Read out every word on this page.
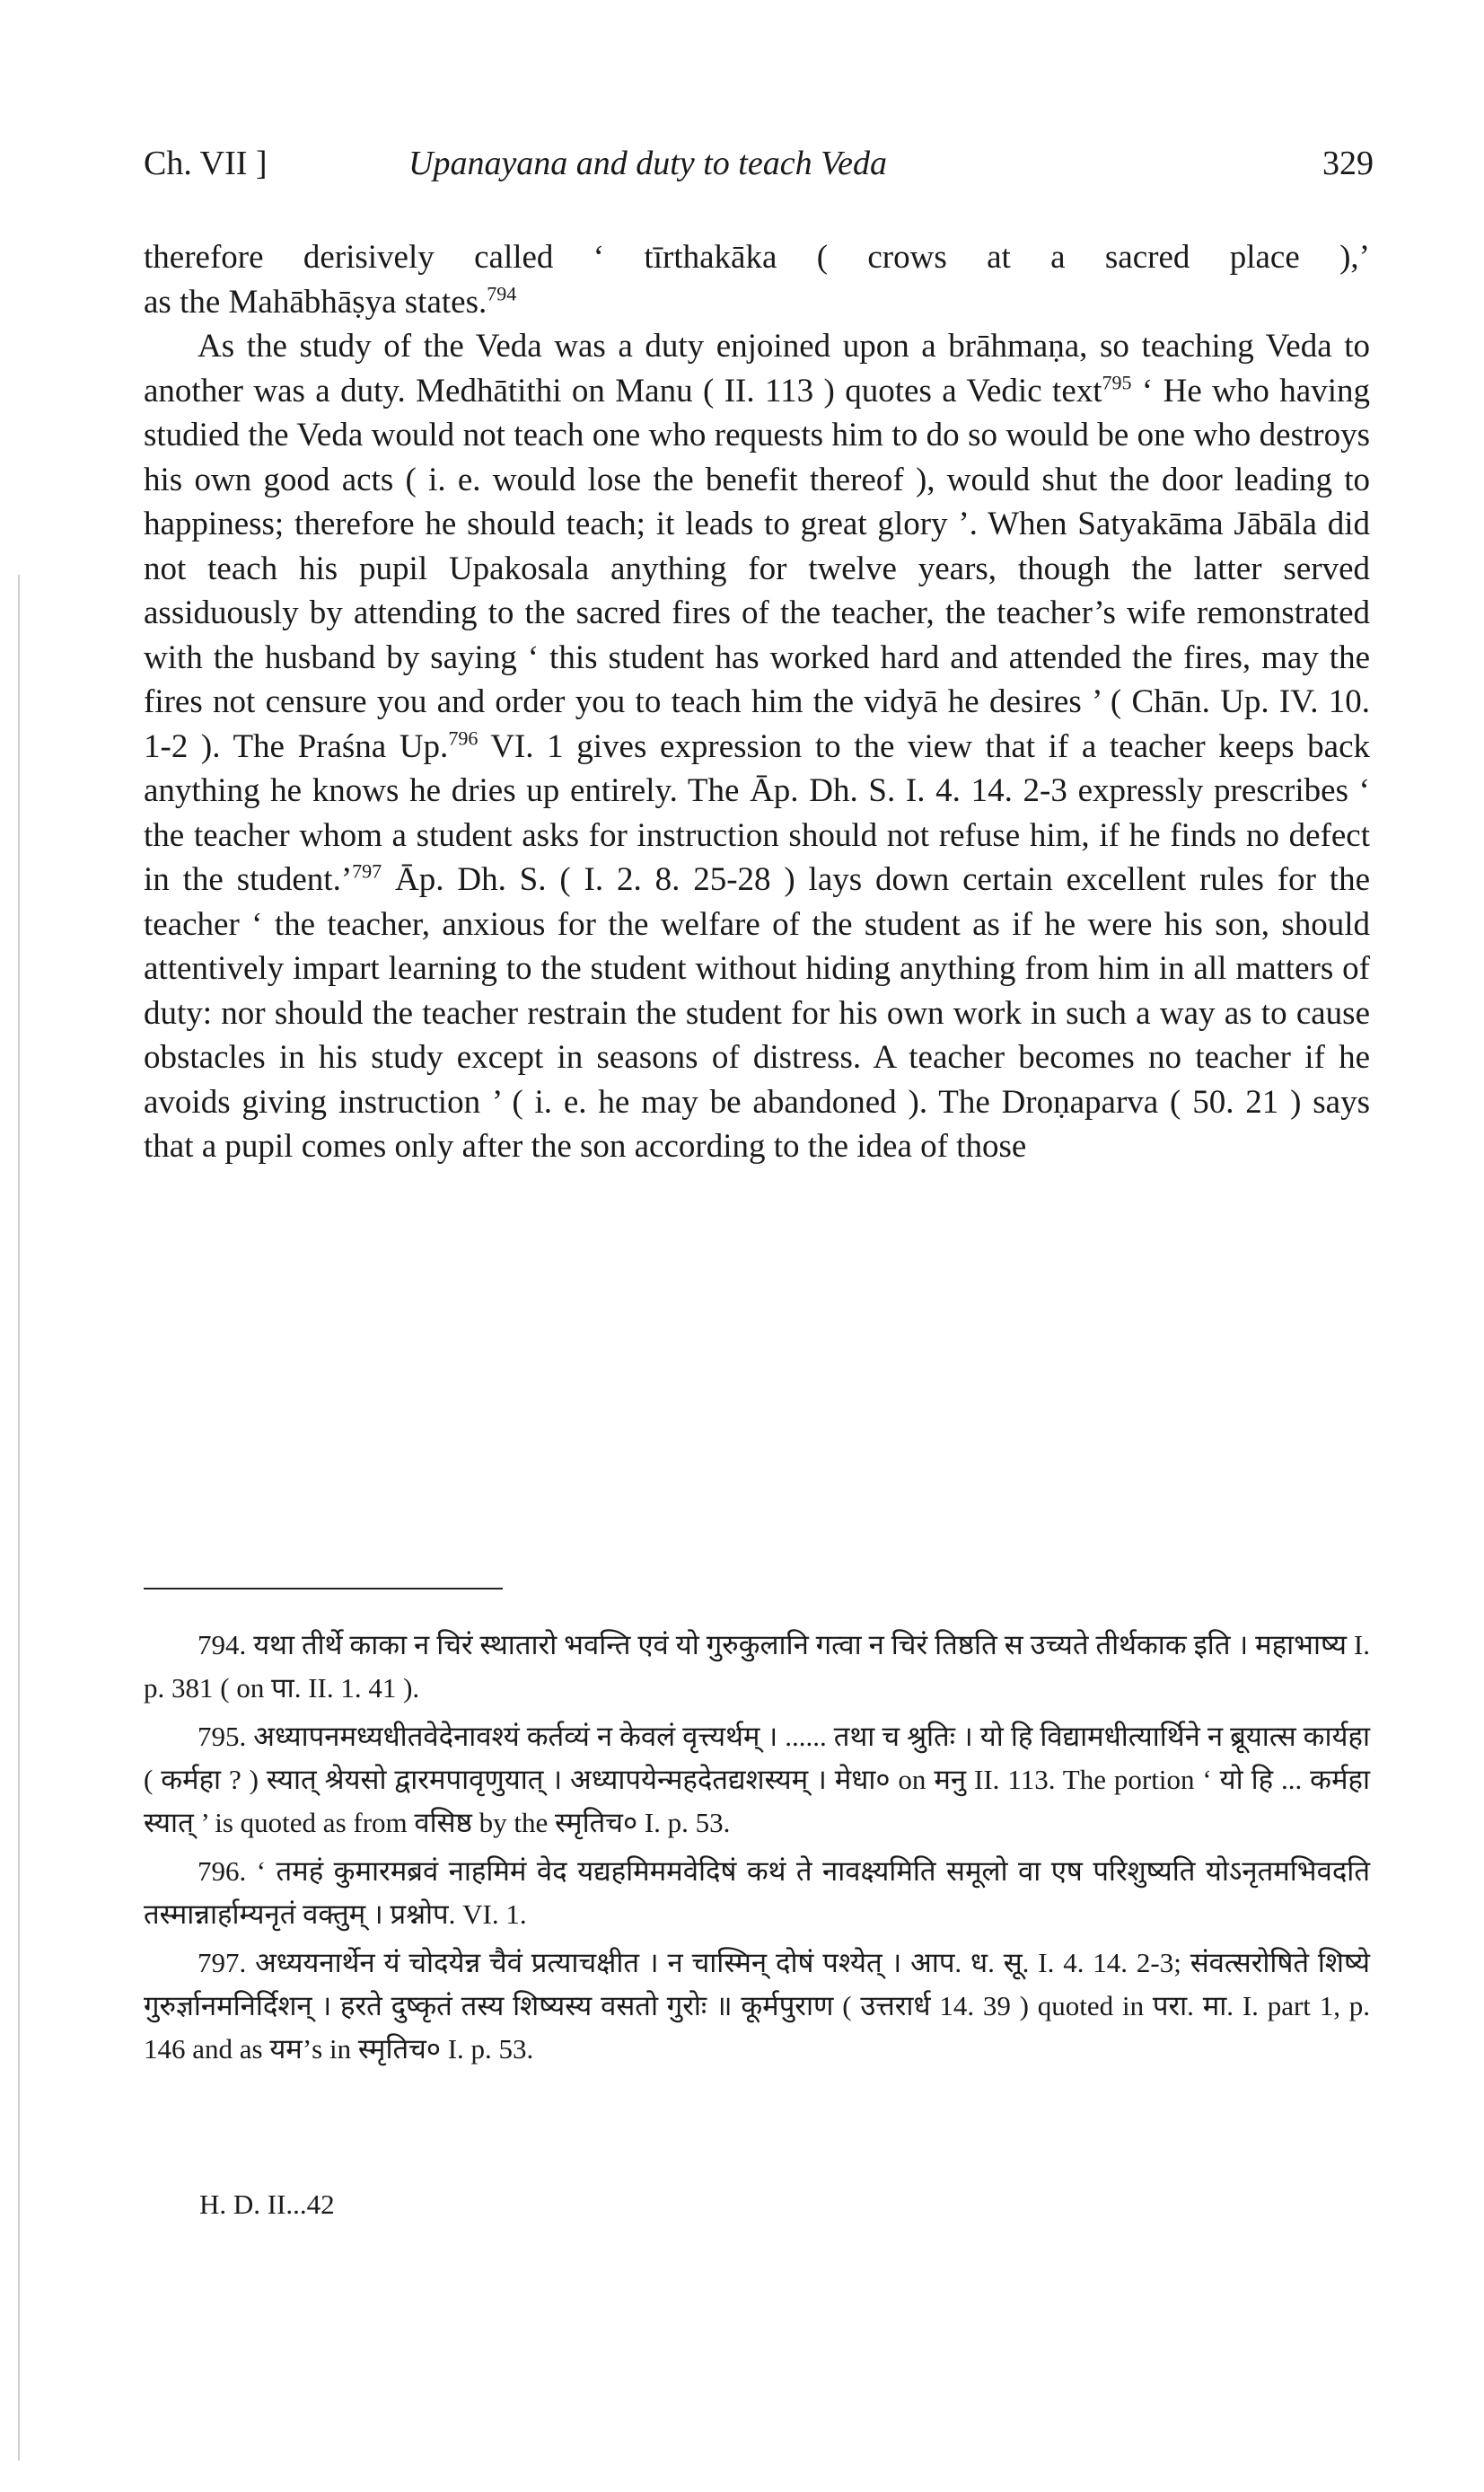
Ch. VII ]	Upanayana and duty to teach Veda	329

therefore derisively called ‘ tīrthakāka ( crows at a sacred place ),’

as the Mahābhāṣya states.$^{794}$

As the study of the Veda was a duty enjoined upon a brāhmaṇa, so teaching Veda to another was a duty. Medhātithi on Manu ( II. 113 ) quotes a Vedic text$^{795}$ ‘ He who having studied the Veda would not teach one who requests him to do so would be one who destroys his own good acts ( i. e. would lose the benefit thereof ), would shut the door leading to happiness; therefore he should teach; it leads to great glory ’. When Satyakāma Jābāla did not teach his pupil Upakosala anything for twelve years, though the latter served assiduously by attending to the sacred fires of the teacher, the teacher’s wife remonstrated with the husband by saying ‘ this student has worked hard and attended the fires, may the fires not censure you and order you to teach him the vidyā he desires ’ ( Chān. Up. IV. 10. 1-2 ). The Praśna Up.$^{796}$ VI. 1 gives expression to the view that if a teacher keeps back anything he knows he dries up entirely. The Āp. Dh. S. I. 4. 14. 2-3 expressly prescribes ‘ the teacher whom a student asks for instruction should not refuse him, if he finds no defect in the student.’$^{797}$ Āp. Dh. S. ( I. 2. 8. 25-28 ) lays down certain excellent rules for the teacher ‘ the teacher, anxious for the welfare of the student as if he were his son, should attentively impart learning to the student without hiding anything from him in all matters of duty: nor should the teacher restrain the student for his own work in such a way as to cause obstacles in his study except in seasons of distress. A teacher becomes no teacher if he avoids giving instruction ’ ( i. e. he may be abandoned ). The Droṇaparva ( 50. 21 ) says that a pupil comes only after the son according to the idea of those

794. यथा तीर्थे काका न चिरं स्थातारो भवन्ति एवं यो गुरुकुलानि गत्वा न चिरं तिष्ठति स उच्यते तीर्थकाक इति । महाभाष्य I. p. 381 ( on पा. II. 1. 41 ).

795. अध्यापनमध्यधीतवेदेनावश्यं कर्तव्यं न केवलं वृत्त्यर्थम् । ...... तथा च श्रुतिः । यो हि विद्यामधीत्यार्थिने न ब्रूयात्स कार्यहा ( कर्महा ? ) स्यात् श्रेयसो द्वारमपावृणुयात् । अध्यापयेन्महदेतद्यशस्यम् । मेधा० on मनु II. 113. The portion ‘ यो हि ... कर्महा स्यात् ’ is quoted as from वसिष्ठ by the स्मृतिच० I. p. 53.

796. ‘ तमहं कुमारमब्रवं नाहमिमं वेद यद्यहमिममवेदिषं कथं ते नावक्ष्यमिति समूलो वा एष परिशुष्यति योऽनृतमभिवदति तस्मान्नार्हाम्यनृतं वक्तुम् । प्रश्नोप. VI. 1.

797. अध्ययनार्थेन यं चोदयेन्न चैवं प्रत्याचक्षीत । न चास्मिन् दोषं पश्येत् । आप. ध. सू. I. 4. 14. 2-3; संवत्सरोषिते शिष्ये गुरुर्ज्ञानमनिर्दिशन् । हरते दुष्कृतं तस्य शिष्यस्य वसतो गुरोः ॥ कूर्मपुराण ( उत्तरार्ध 14. 39 ) quoted in परा. मा. I. part 1, p. 146 and as यम’s in स्मृतिच० I. p. 53.

H. D. II...42
